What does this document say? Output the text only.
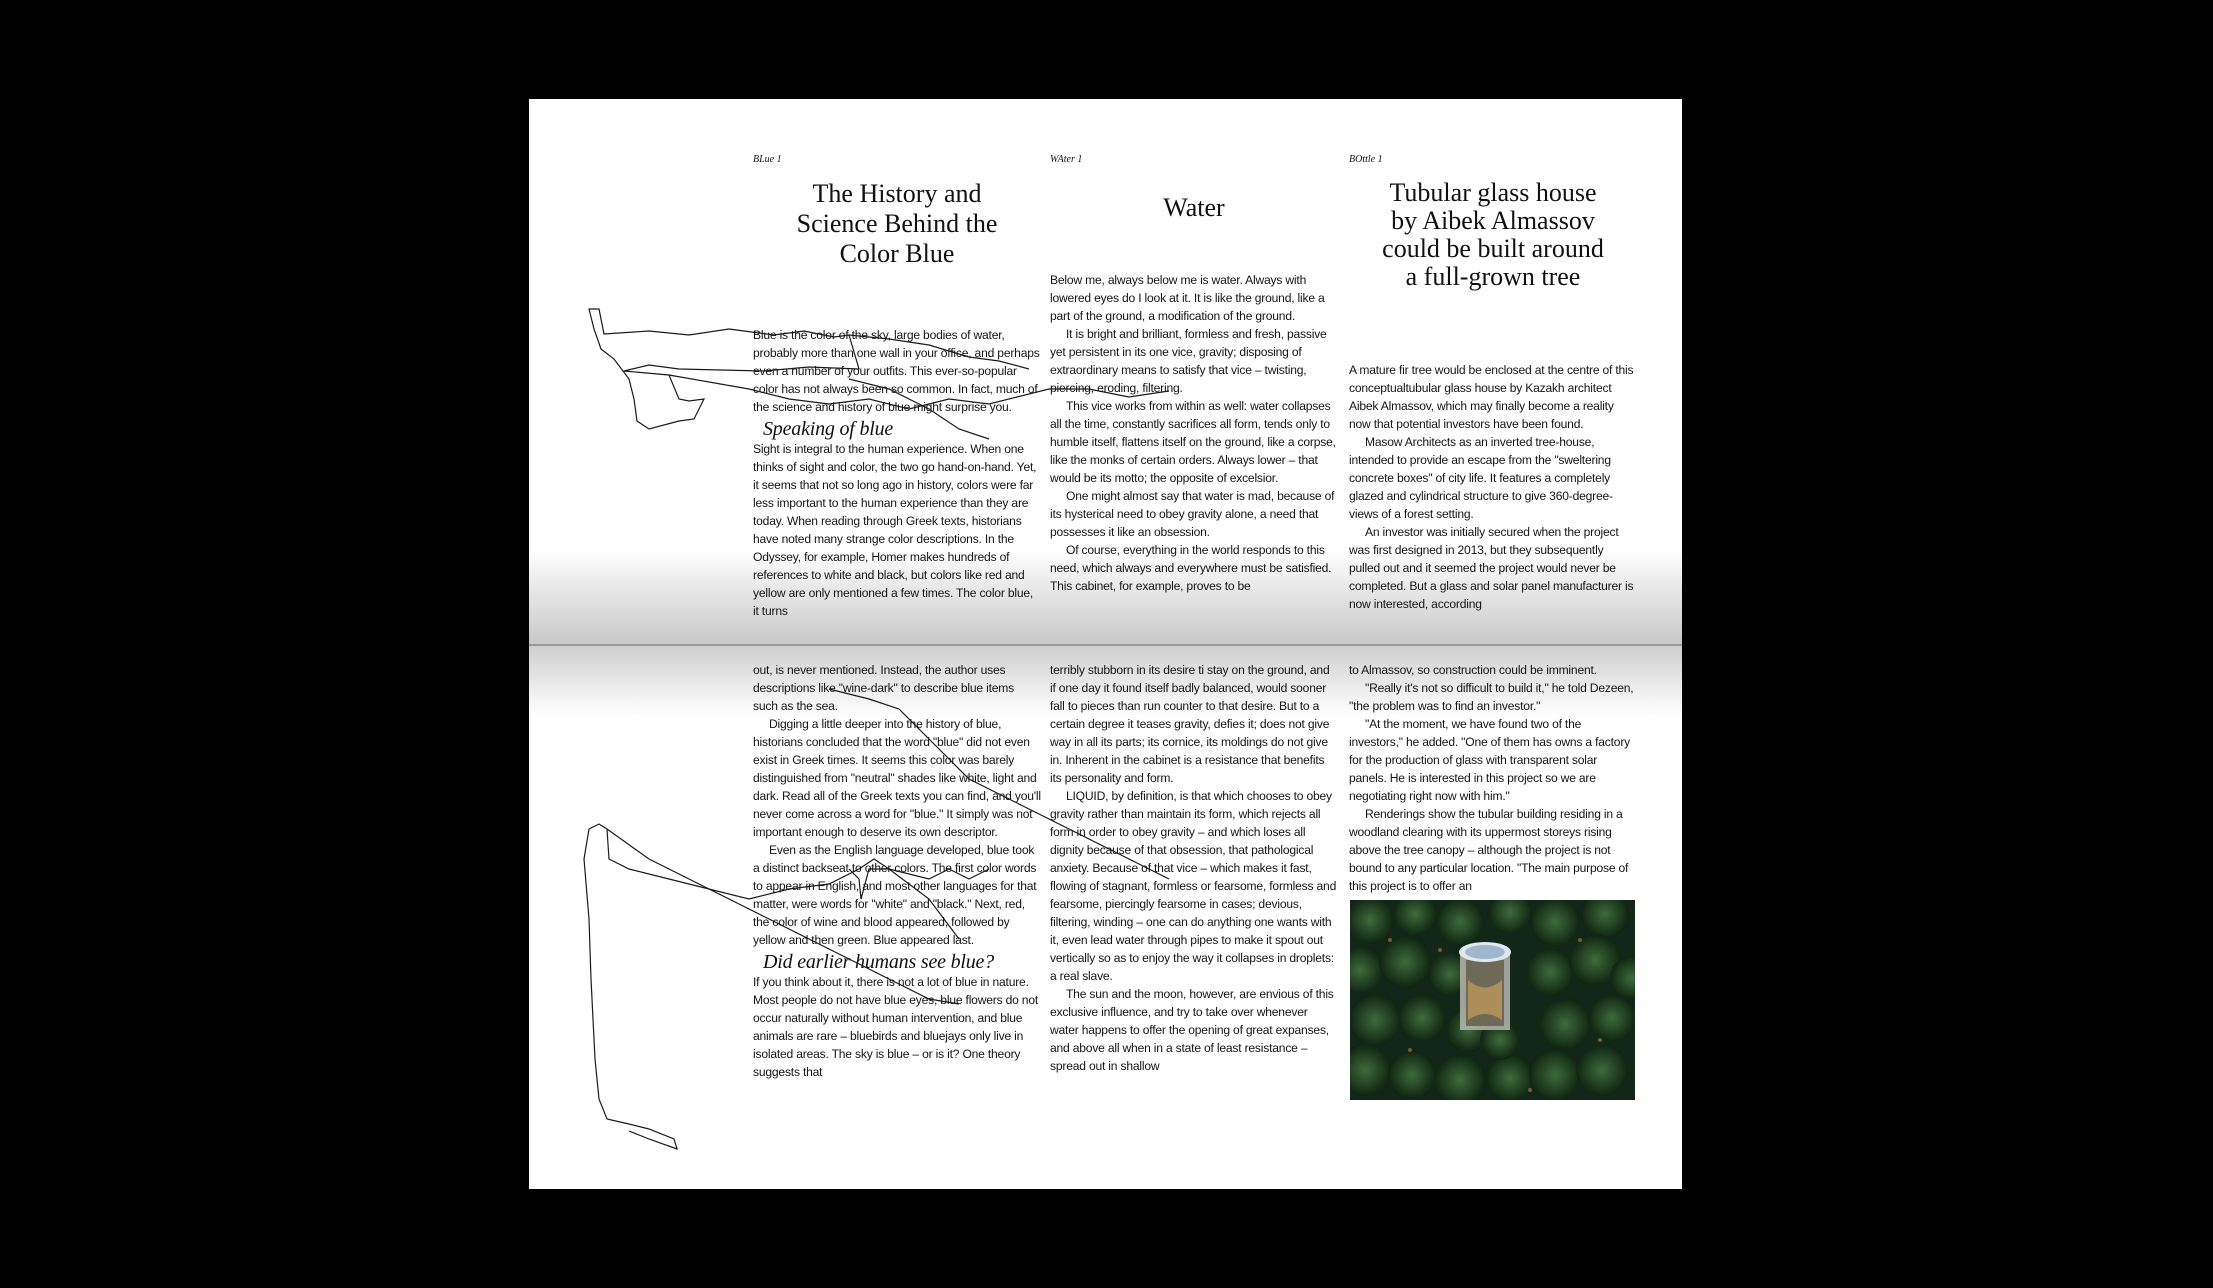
BLue 1
The History and
Science Behind the
Color Blue

Blue is the color of the sky, large bodies of water, probably more than one wall in your office, and perhaps even a number of your outfits. This ever-so-popular color has not always been so common. In fact, much of the science and history of blue might surprise you.

Speaking of blue

Sight is integral to the human experience. When one thinks of sight and color, the two go hand-on-hand. Yet, it seems that not so long ago in history, colors were far less important to the human experience than they are today. When reading through Greek texts, historians have noted many strange color descriptions. In the Odyssey, for example, Homer makes hundreds of references to white and black, but colors like red and yellow are only mentioned a few times. The color blue, it turns

out, is never mentioned. Instead, the author uses descriptions like "wine-dark" to describe blue items such as the sea.

Digging a little deeper into the history of blue, historians concluded that the word "blue" did not even exist in Greek times. It seems this color was barely distinguished from "neutral" shades like white, light and dark. Read all of the Greek texts you can find, and you'll never come across a word for "blue." It simply was not important enough to deserve its own descriptor.

Even as the English language developed, blue took a distinct backseat to other colors. The first color words to appear in English, and most other languages for that matter, were words for "white" and "black." Next, red, the color of wine and blood appeared, followed by yellow and then green. Blue appeared last.

Did earlier humans see blue?

If you think about it, there is not a lot of blue in nature. Most people do not have blue eyes, blue flowers do not occur naturally without human intervention, and blue animals are rare – bluebirds and bluejays only live in isolated areas. The sky is blue – or is it? One theory suggests that

WAter 1
Water

Below me, always below me is water. Always with lowered eyes do I look at it. It is like the ground, like a part of the ground, a modification of the ground.

It is bright and brilliant, formless and fresh, passive yet persistent in its one vice, gravity; disposing of extraordinary means to satisfy that vice – twisting, piercing, eroding, filtering.

This vice works from within as well: water collapses all the time, constantly sacrifices all form, tends only to humble itself, flattens itself on the ground, like a corpse, like the monks of certain orders. Always lower – that would be its motto; the opposite of excelsior.

One might almost say that water is mad, because of its hysterical need to obey gravity alone, a need that possesses it like an obsession.

Of course, everything in the world responds to this need, which always and everywhere must be satisfied. This cabinet, for example, proves to be

terribly stubborn in its desire ti stay on the ground, and if one day it found itself badly balanced, would sooner fall to pieces than run counter to that desire. But to a certain degree it teases gravity, defies it; does not give way in all its parts; its cornice, its moldings do not give in. Inherent in the cabinet is a resistance that benefits its personality and form.

LIQUID, by definition, is that which chooses to obey gravity rather than maintain its form, which rejects all form in order to obey gravity – and which loses all dignity because of that obsession, that pathological anxiety. Because of that vice – which makes it fast, flowing of stagnant, formless or fearsome, formless and fearsome, piercingly fearsome in cases; devious, filtering, winding – one can do anything one wants with it, even lead water through pipes to make it spout out vertically so as to enjoy the way it collapses in droplets: a real slave.

The sun and the moon, however, are envious of this exclusive influence, and try to take over whenever water happens to offer the opening of great expanses, and above all when in a state of least resistance – spread out in shallow

BOttle 1
Tubular glass house
by Aibek Almassov
could be built around
a full-grown tree

A mature fir tree would be enclosed at the centre of this conceptualtubular glass house by Kazakh architect Aibek Almassov, which may finally become a reality now that potential investors have been found.

Masow Architects as an inverted tree-house, intended to provide an escape from the "sweltering concrete boxes" of city life. It features a completely glazed and cylindrical structure to give 360-degree-views of a forest setting.

An investor was initially secured when the project was first designed in 2013, but they subsequently pulled out and it seemed the project would never be completed. But a glass and solar panel manufacturer is now interested, according

to Almassov, so construction could be imminent.

"Really it's not so difficult to build it," he told Dezeen, "the problem was to find an investor."

"At the moment, we have found two of the investors," he added. "One of them has owns a factory for the production of glass with transparent solar panels. He is interested in this project so we are negotiating right now with him."

Renderings show the tubular building residing in a woodland clearing with its uppermost storeys rising above the tree canopy – although the project is not bound to any particular location. "The main purpose of this project is to offer an
